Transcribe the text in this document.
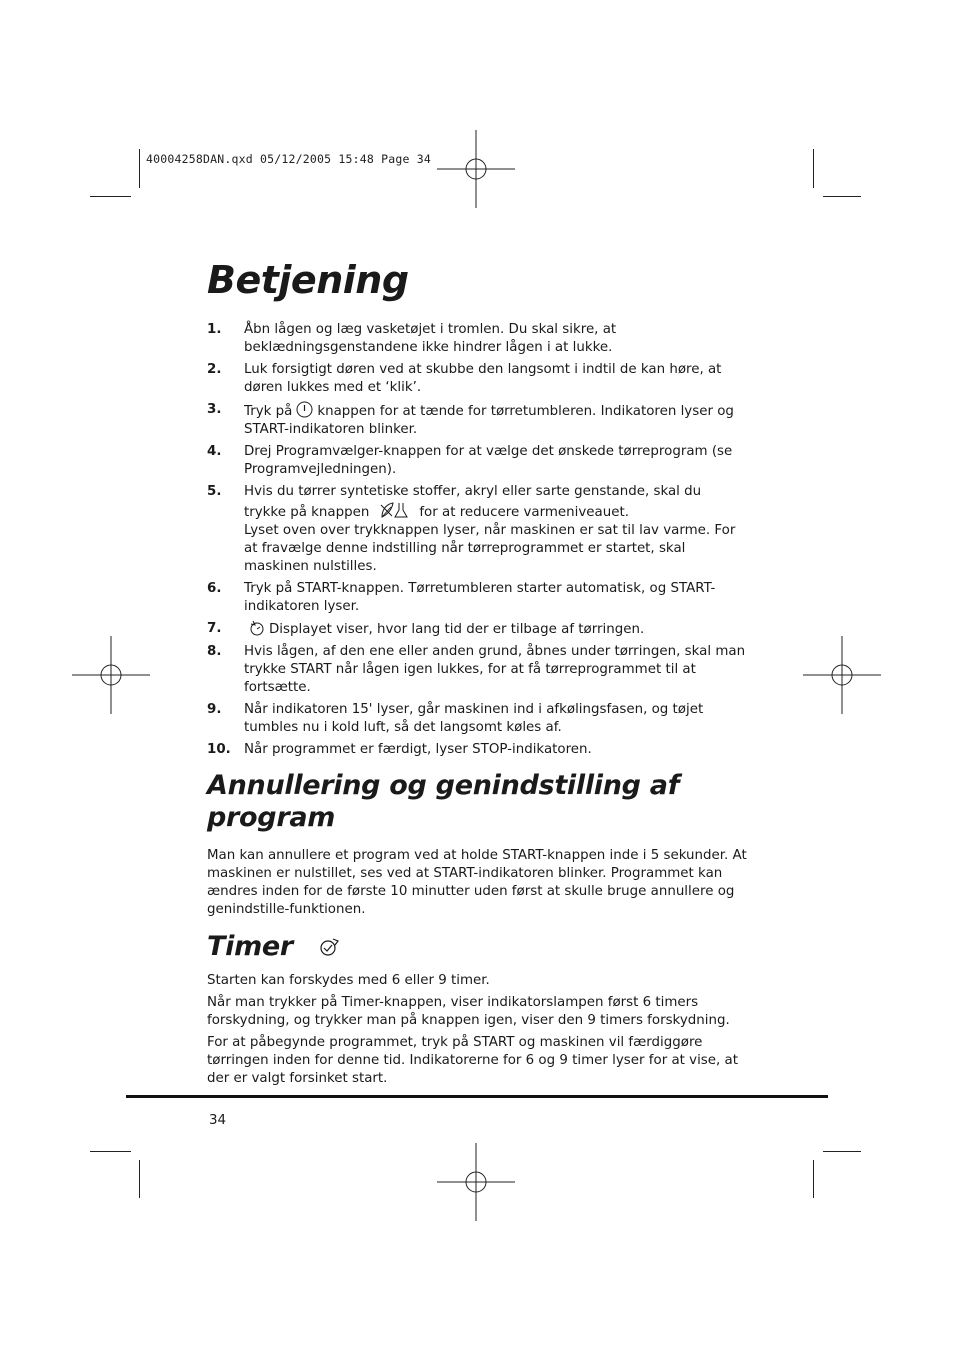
40004258DAN.qxd 05/12/2005 15:48 Page 34
Betjening
1. Åbn lågen og læg vasketøjet i tromlen. Du skal sikre, at beklædningsgenstandene ikke hindrer lågen i at lukke.
2. Luk forsigtigt døren ved at skubbe den langsomt i indtil de kan høre, at døren lukkes med et ‘klik’.
3. Tryk på knappen for at tænde for tørretumbleren. Indikatoren lyser og START-indikatoren blinker.
4. Drej Programvælger-knappen for at vælge det ønskede tørreprogram (se Programvejledningen).
5. Hvis du tørrer syntetiske stoffer, akryl eller sarte genstande, skal du trykke på knappen	for at reducere varmeniveauet.
Lyset oven over trykknappen lyser, når maskinen er sat til lav varme. For at fravælge denne indstilling når tørreprogrammet er startet, skal maskinen nulstilles.
6. Tryk på START-knappen. Tørretumbleren starter automatisk, og START-indikatoren lyser.
7.	Displayet viser, hvor lang tid der er tilbage af tørringen.
8. Hvis lågen, af den ene eller anden grund, åbnes under tørringen, skal man trykke START når lågen igen lukkes, for at få tørreprogrammet til at fortsætte.
9. Når indikatoren 15' lyser, går maskinen ind i afkølingsfasen, og tøjet tumbles nu i kold luft, så det langsomt køles af.
10. Når programmet er færdigt, lyser STOP-indikatoren.
Annullering og genindstilling af program

Man kan annullere et program ved at holde START-knappen inde i 5 sekunder. At maskinen er nulstillet, ses ved at START-indikatoren blinker. Programmet kan ændres inden for de første 10 minutter uden først at skulle bruge annullere og genindstille-funktionen.

Timer

Starten kan forskydes med 6 eller 9 timer.

Når man trykker på Timer-knappen, viser indikatorslampen først 6 timers forskydning, og trykker man på knappen igen, viser den 9 timers forskydning.

For at påbegynde programmet, tryk på START og maskinen vil færdiggøre tørringen inden for denne tid. Indikatorerne for 6 og 9 timer lyser for at vise, at der er valgt forsinket start.

34
